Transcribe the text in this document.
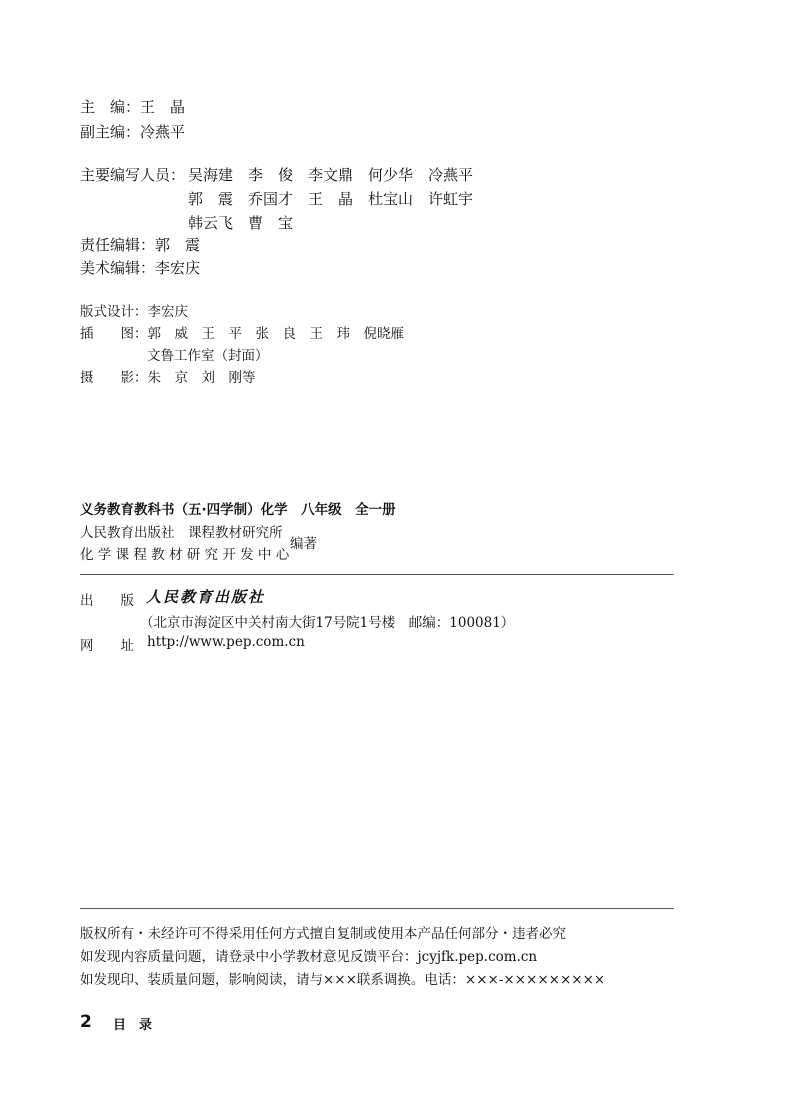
主　编：王　晶
副主编：冷燕平
主要编写人员： 吴海建　李　俊　李文鼎　何少华　冷燕平
郭　震　乔国才　王　晶　杜宝山　许虹宇
韩云飞　曹　宝
责任编辑：郭　震
美术编辑：李宏庆
版式设计：李宏庆
插　　图：郭　威　王　平　张　良　王　玮　倪晓雁
文鲁工作室（封面）
摄　　影：朱　京　刘　刚等
义务教育教科书（五·四学制）化学　八年级　全一册
人民教育出版社　课程教材研究所
化 学 课 程 教 材 研 究 开 发 中 心
编著
出　　版 人民教育出版社
（北京市海淀区中关村南大街17号院1号楼　邮编：100081）
网　　址 http://www.pep.com.cn
版权所有・未经许可不得采用任何方式擅自复制或使用本产品任何部分・违者必究
如发现内容质量问题，请登录中小学教材意见反馈平台：jcyjfk.pep.com.cn
如发现印、装质量问题，影响阅读，请与×××联系调换。电话：×××-×××××××××
2 目　录
